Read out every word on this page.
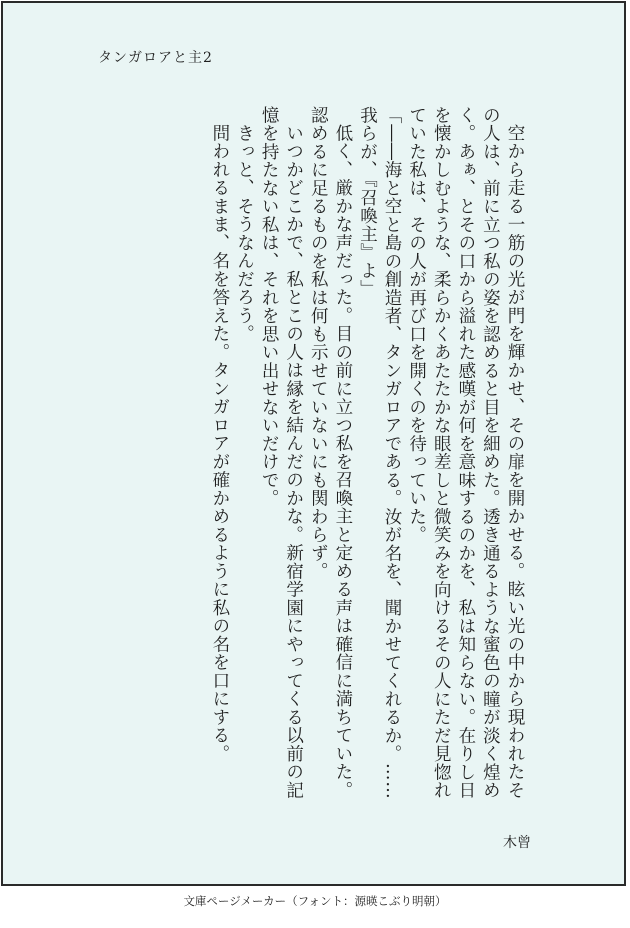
タンガロアと主2

空から走る一筋の光が門を輝かせ、その扉を開かせる。眩い光の中から現われたその人は、前に立つ私の姿を認めると目を細めた。透き通るような蜜色の瞳が淡く煌めく。あぁ、とその口から溢れた感嘆が何を意味するのかを、私は知らない。在りし日を懐かしむような、柔らかくあたたかな眼差しと微笑みを向けるその人にただ見惚れていた私は、その人が再び口を開くのを待っていた。

「――海と空と島の創造者、タンガロアである。汝が名を、聞かせてくれるか。……我らが、『召喚主』よ」

低く、厳かな声だった。目の前に立つ私を召喚主と定める声は確信に満ちていた。認めるに足るものを私は何も示せていないにも関わらず。

いつかどこかで、私とこの人は縁を結んだのかな。新宿学園にやってくる以前の記憶を持たない私は、それを思い出せないだけで。

きっと、そうなんだろう。

問われるまま、名を答えた。タンガロアが確かめるように私の名を口にする。

木曾
文庫ページメーカー（フォント：源暎こぶり明朝）
